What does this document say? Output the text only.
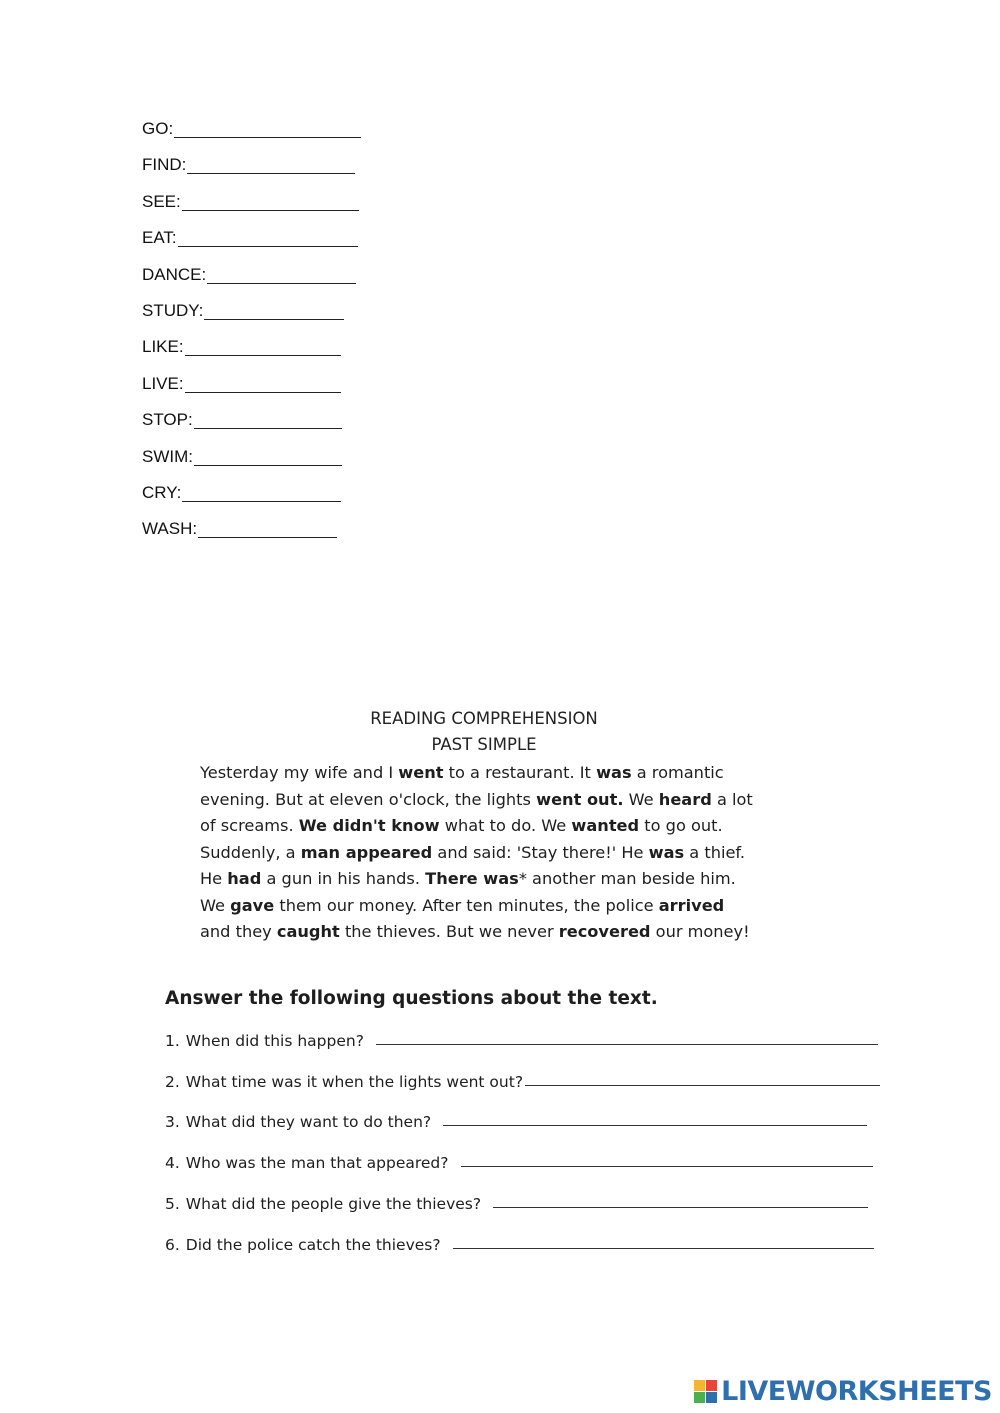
GO:
FIND:
SEE:
EAT:
DANCE:
STUDY:
LIKE:
LIVE:
STOP:
SWIM:
CRY:
WASH:
READING COMPREHENSION
PAST SIMPLE
Yesterday my wife and I went to a restaurant. It was a romantic
evening. But at eleven o'clock, the lights went out. We heard a lot
of screams. We didn't know what to do. We wanted to go out.
Suddenly, a man appeared and said: 'Stay there!' He was a thief.
He had a gun in his hands. There was* another man beside him.
We gave them our money. After ten minutes, the police arrived
and they caught the thieves. But we never recovered our money!
Answer the following questions about the text.
1. When did this happen?
2. What time was it when the lights went out?
3. What did they want to do then?
4. Who was the man that appeared?
5. What did the people give the thieves?
6. Did the police catch the thieves?
LIVEWORKSHEETS
